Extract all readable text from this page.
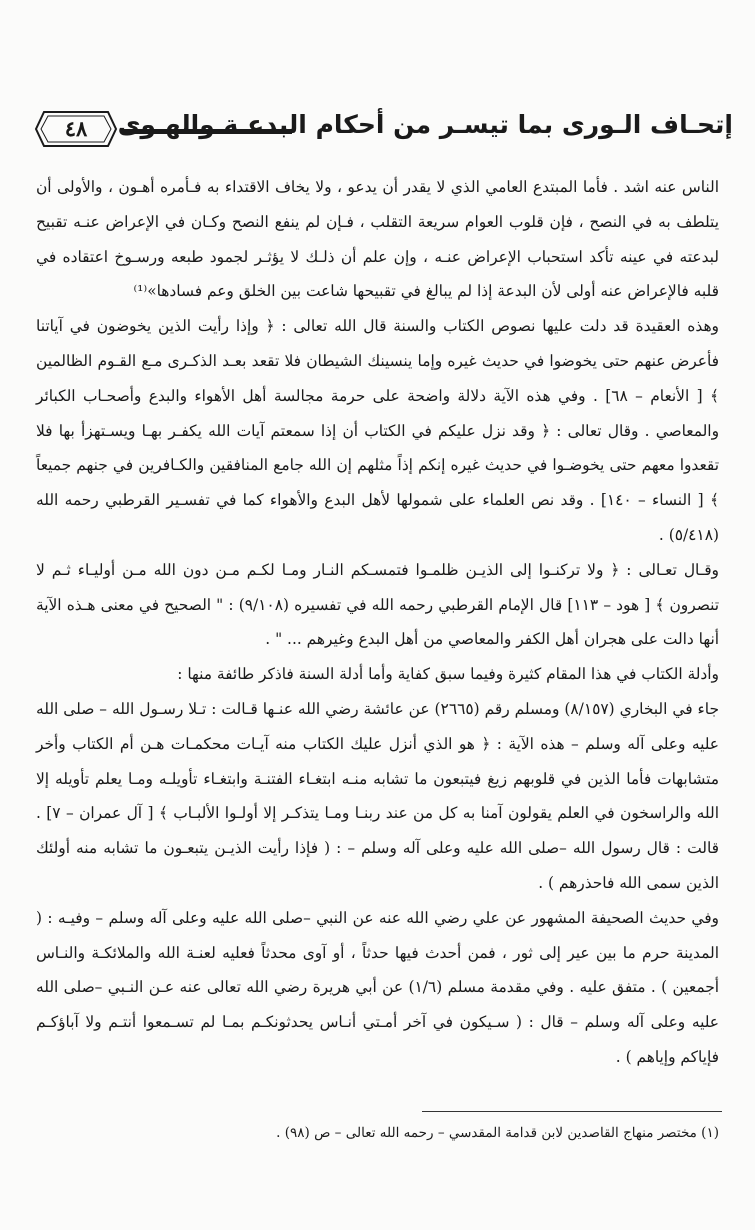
٤٨	إتحـاف الـورى بما تيسـر من أحكام البدعـة والهـوى

الناس عنه اشد . فأما المبتدع العامي الذي لا يقدر أن يدعو ، ولا يخاف الاقتداء به فـأمره أهـون ، والأولى أن يتلطف به في النصح ، فإن قلوب العوام سريعة التقلب ، فـإن لم ينفع النصح وكـان في الإعراض عنـه تقبيح لبدعته في عينه تأكد استحباب الإعراض عنـه ، وإن علم أن ذلـك لا يؤثـر لجمود طبعه ورسـوخ اعتقاده في قلبه فالإعراض عنه أولى لأن البدعة إذا لم يبالغ في تقبيحها شاعت بين الخلق وعم فسادها»⁽¹⁾

وهذه العقيدة قد دلت عليها نصوص الكتاب والسنة قال الله تعالى : ﴿ وإذا رأيت الذين يخوضون في آياتنا فأعرض عنهم حتى يخوضوا في حديث غيره وإما ينسينك الشيطان فلا تقعد بعـد الذكـرى مـع القـوم الظالمين ﴾ [ الأنعام – ٦٨] . وفي هذه الآية دلالة واضحة على حرمة مجالسة أهل الأهواء والبدع وأصحـاب الكبائر والمعاصي . وقال تعالى : ﴿ وقد نزل عليكم في الكتاب أن إذا سمعتم آيات الله يكفـر بهـا ويسـتهزأ بها فلا تقعدوا معهم حتى يخوضـوا في حديث غيره إنكم إذاً مثلهم إن الله جامع المنافقين والكـافرين في جنهم جميعاً ﴾ [ النساء – ١٤٠] . وقد نص العلماء على شمولها لأهل البدع والأهواء كما في تفسـير القرطبي رحمه الله (٥/٤١٨) .

وقـال تعـالى : ﴿ ولا تركنـوا إلى الذيـن ظلمـوا فتمسـكم النـار ومـا لكـم مـن دون الله مـن أوليـاء ثـم لا تنصرون ﴾ [ هود – ١١٣] قال الإمام القرطبي رحمه الله في تفسيره (٩/١٠٨) : " الصحيح في معنى هـذه الآية أنها دالت على هجران أهل الكفر والمعاصي من أهل البدع وغيرهم ... " .

وأدلة الكتاب في هذا المقام كثيرة وفيما سبق كفاية وأما أدلة السنة فاذكر طائفة منها :

جاء في البخاري (٨/١٥٧) ومسلم رقم (٢٦٦٥) عن عائشة رضي الله عنـها قـالت : تـلا رسـول الله – صلى الله عليه وعلى آله وسلم – هذه الآية : ﴿ هو الذي أنزل عليك الكتاب منه آيـات محكمـات هـن أم الكتاب وأخر متشابهات فأما الذين في قلوبهم زيغ فيتبعون ما تشابه منـه ابتغـاء الفتنـة وابتغـاء تأويلـه ومـا يعلم تأويله إلا الله والراسخون في العلم يقولون آمنا به كل من عند ربنـا ومـا يتذكـر إلا أولـوا الألبـاب ﴾ [ آل عمران – ٧] . قالت : قال رسول الله –صلى الله عليه وعلى آله وسلم – : ( فإذا رأيت الذيـن يتبعـون ما تشابه منه أولئك الذين سمى الله فاحذرهم ) .

وفي حديث الصحيفة المشهور عن علي رضي الله عنه عن النبي –صلى الله عليه وعلى آله وسلم – وفيـه : ( المدينة حرم ما بين عير إلى ثور ، فمن أحدث فيها حدثاً ، أو آوى محدثاً فعليه لعنـة الله والملائكـة والنـاس أجمعين ) . متفق عليه . وفي مقدمة مسلم (١/٦) عن أبي هريرة رضي الله تعالى عنه عـن النـبي –صلى الله عليه وعلى آله وسلم – قال : ( سـيكون في آخر أمـتي أنـاس يحدثونكـم بمـا لم تسـمعوا أنتـم ولا آباؤكـم فإياكم وإياهم ) .

(١) مختصر منهاج القاصدين لابن قدامة المقدسي – رحمه الله تعالى – ص (٩٨) .
